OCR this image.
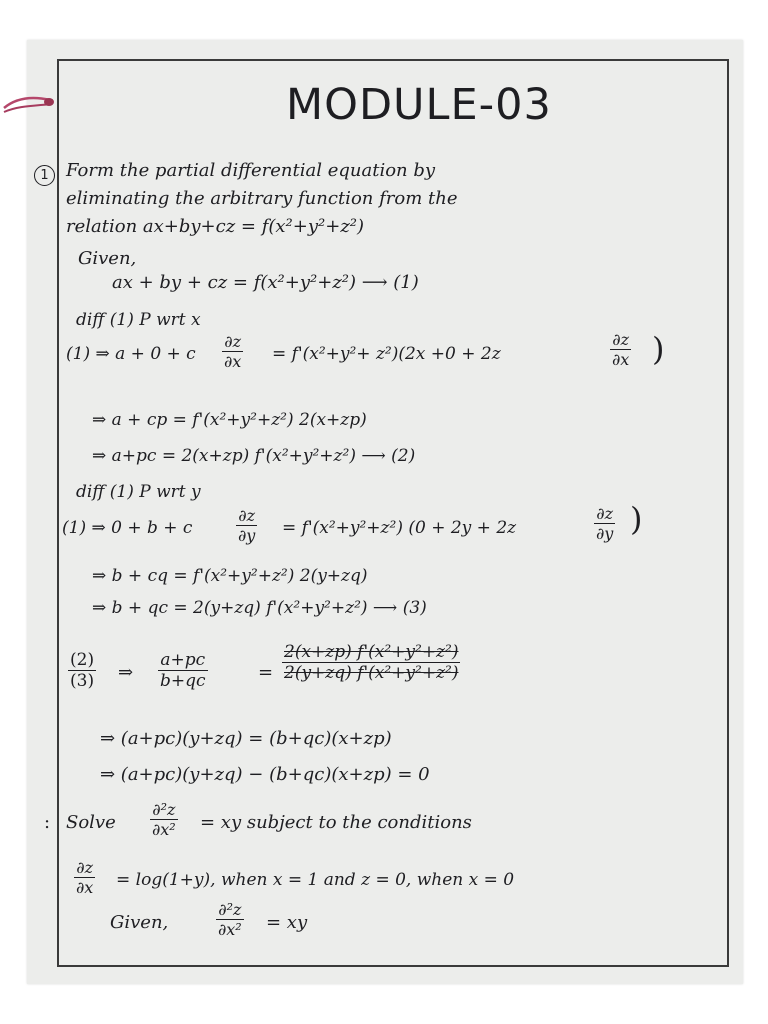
MODULE-03
1 Form the partial differential equation by
eliminating the arbitrary function from the
relation ax+by+cz = f(x²+y²+z²)
Given,
ax + by + cz = f(x²+y²+z²) ⟶ (1)
diff (1) P wrt x
(1) ⇒ a + 0 + c $\frac{\partial z}{\partial x} = f'(x^2+y^2+ z^2)(2x +0 + 2z$	$\frac{\partial z}{\partial x}$ )
⇒ a + cp = f'(x²+y²+z²) 2(x+zp)
⇒ a+pc = 2(x+zp) f'(x²+y²+z²) ⟶ (2)
diff (1) P wrt y
(1) ⇒ 0 + b + c	$\frac{\partial z}{\partial y} = f'(x^2+y^2+z^2) (0 + 2y + 2z$	$\frac{\partial z}{\partial y}$ )
⇒ b + cq = f'(x²+y²+z²) 2(y+zq)
⇒ b + qc = 2(y+zq) f'(x²+y²+z²) ⟶ (3)
$\frac{(2)}{(3)}$ ⇒ $\frac{a+pc}{b+qc}$	= $\frac{\text{2(x+zp) f'(x²+y²+z²)}}{\text{2(y+zq) f'(x²+y²+z²)}}$
⇒ (a+pc)(y+zq) = (b+qc)(x+zp)
⇒ (a+pc)(y+zq) − (b+qc)(x+zp) = 0
: Solve $\frac{\text{∂²z}}{\text{∂x²}}$ = xy subject to the conditions
$\frac{\partial z}{\partial x} = \log(1+y)$, when x = 1 and z = 0, when x = 0
Given,	$\frac{\text{∂²z}}{\text{∂x²}}$ = xy
